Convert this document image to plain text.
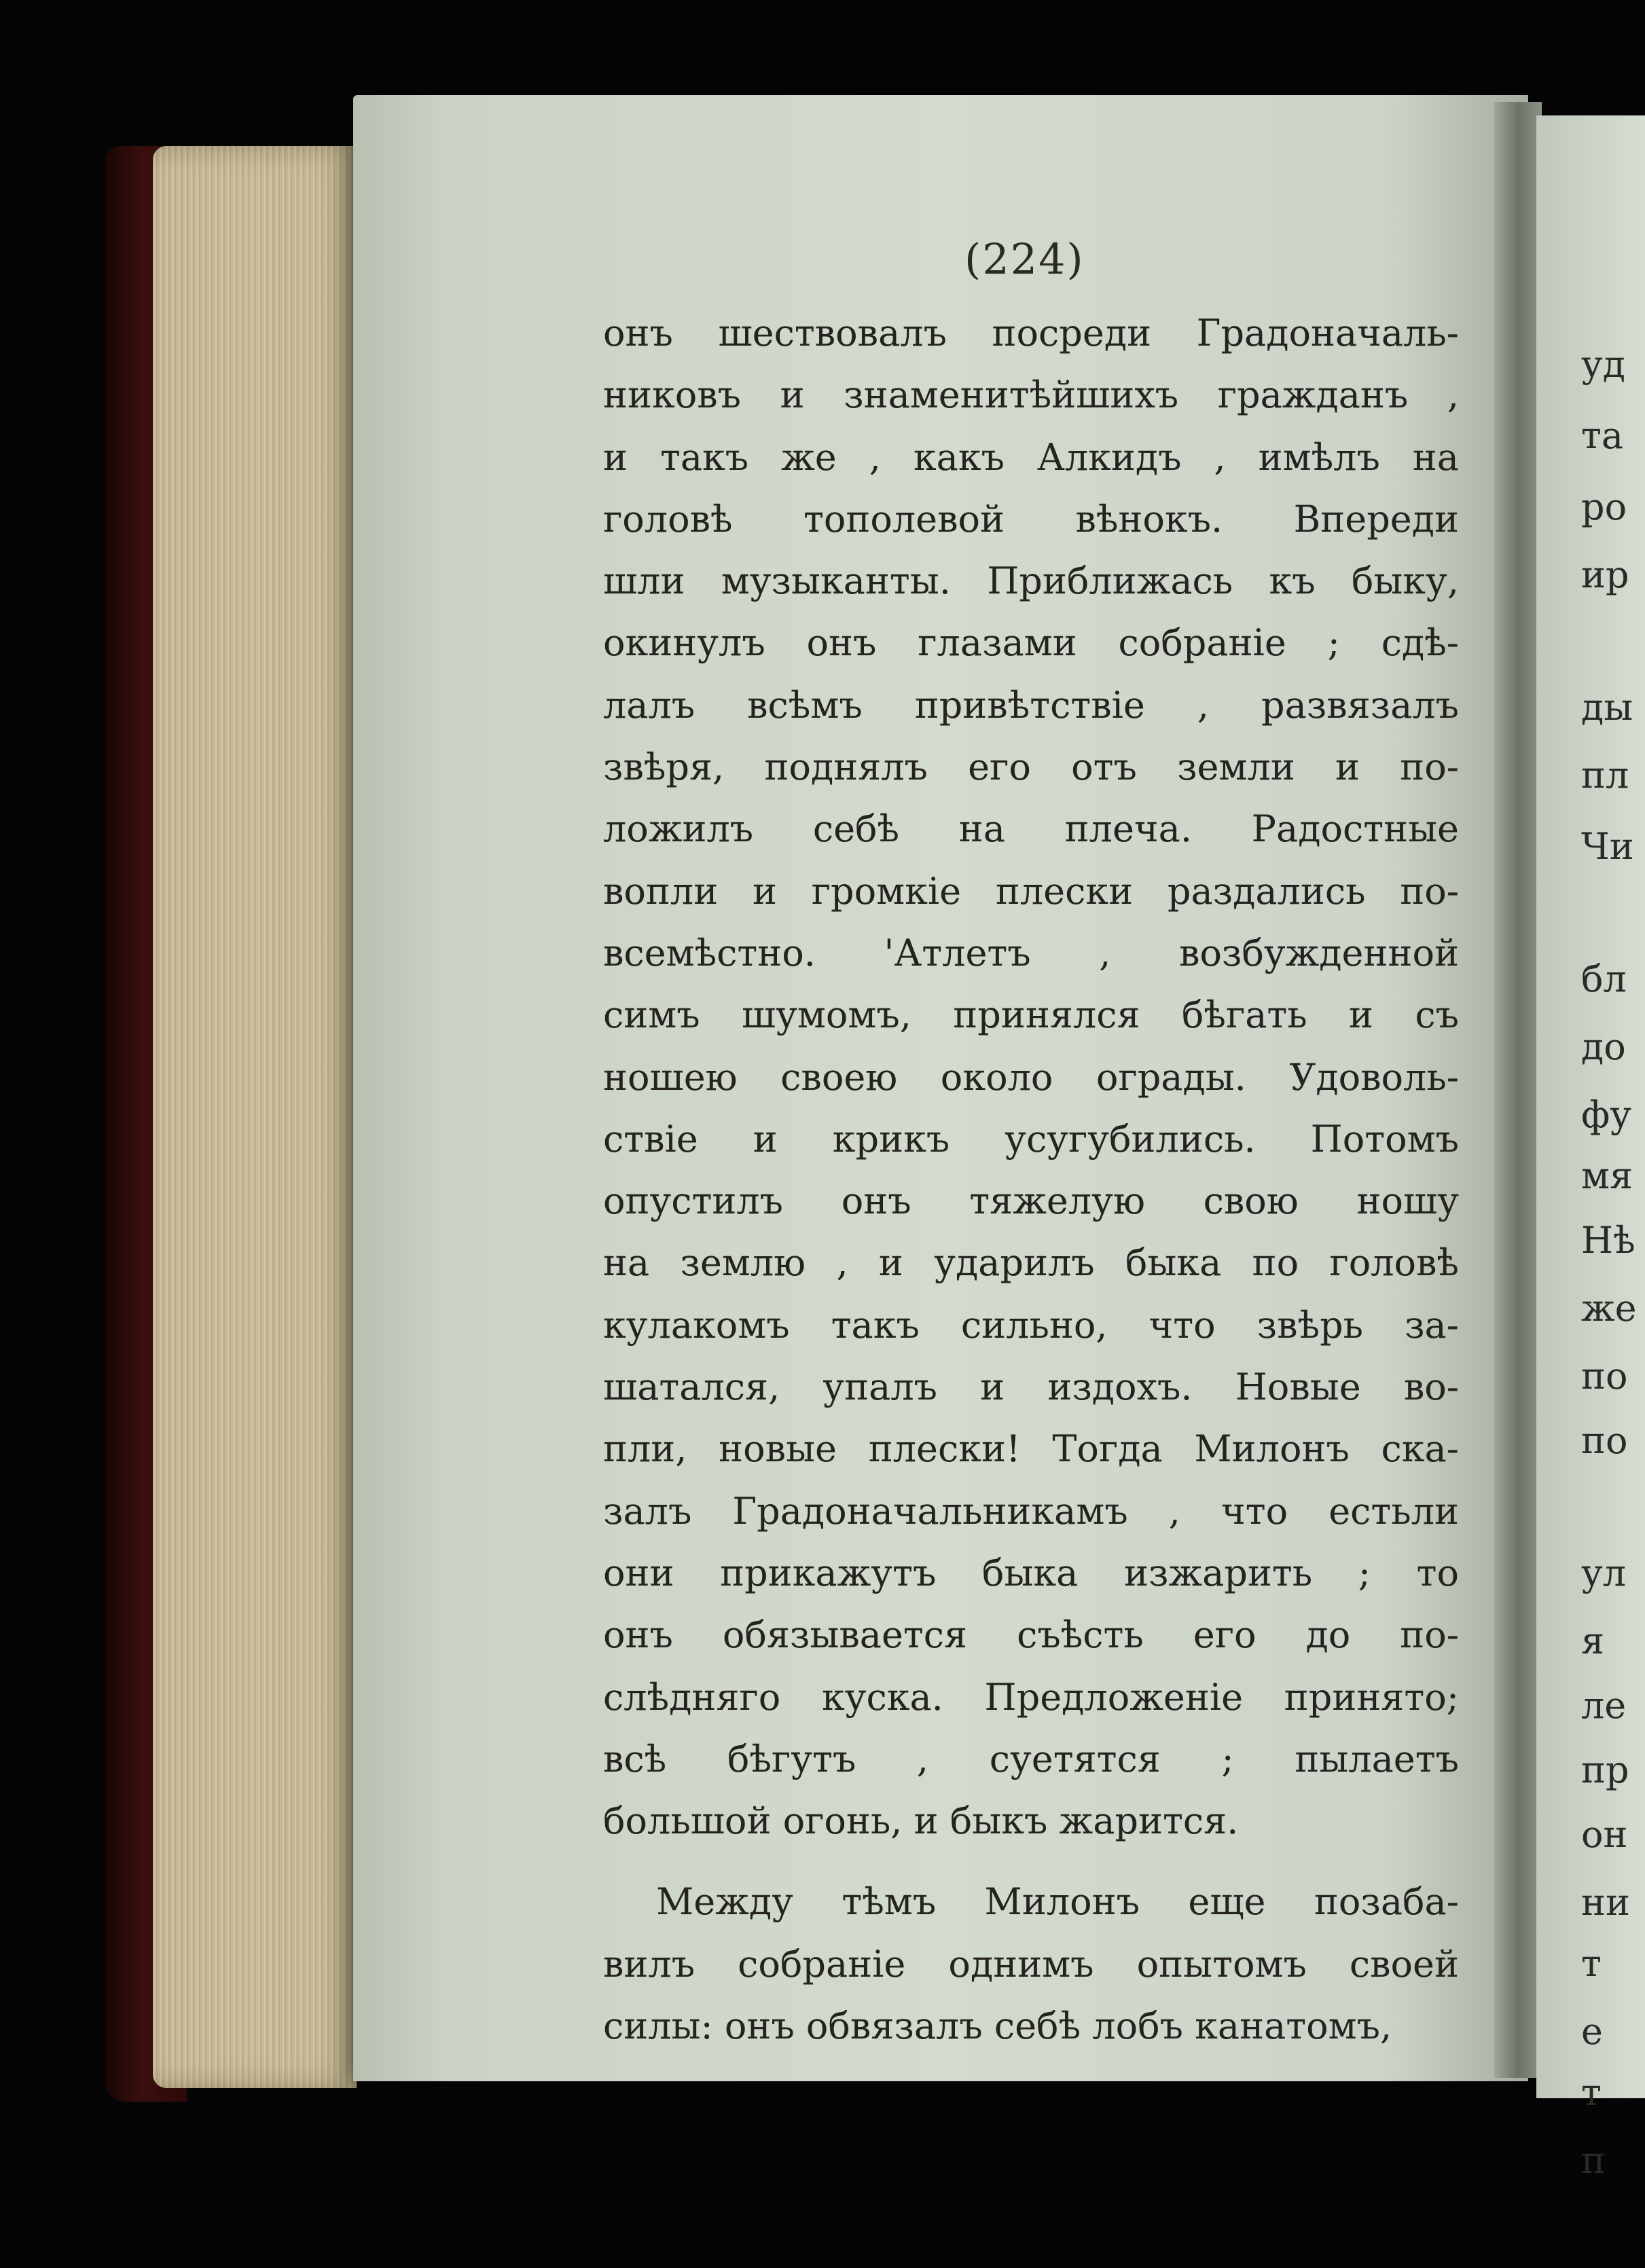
уд
та
ро
ир
ды
пл
Чи
бл
до
фу
мя
Нѣ
же
по
по
ул
я
ле
пр
он
ни
т
е
т
п
(224)
онъ шествовалъ посреди Градоначаль-
никовъ и знаменитѣйшихъ гражданъ ,
и такъ же , какъ Алкидъ , имѣлъ на
головѣ тополевой вѣнокъ. Впереди
шли музыканты. Приближась къ быку,
окинулъ онъ глазами собраніе ; сдѣ-
лалъ всѣмъ привѣтствіе , развязалъ
звѣря, поднялъ его отъ земли и по-
ложилъ себѣ на плеча. Радостные
вопли и громкіе плески раздались по-
всемѣстно. 'Атлетъ , возбужденной
симъ шумомъ, принялся бѣгать и съ
ношею своею около ограды. Удоволь-
ствіе и крикъ усугубились. Потомъ
опустилъ онъ тяжелую свою ношу
на землю , и ударилъ быка по головѣ
кулакомъ такъ сильно, что звѣрь за-
шатался, упалъ и издохъ. Новые во-
пли, новые плески! Тогда Милонъ ска-
залъ Градоначальникамъ , что естьли
они прикажутъ быка изжарить ; то
онъ обязывается съѣсть его до по-
слѣдняго куска. Предложеніе принято;
всѣ бѣгутъ , суетятся ; пылаетъ
большой огонь, и быкъ жарится.
Между тѣмъ Милонъ еще позаба-
вилъ собраніе однимъ опытомъ своей
силы: онъ обвязалъ себѣ лобъ канатомъ,
